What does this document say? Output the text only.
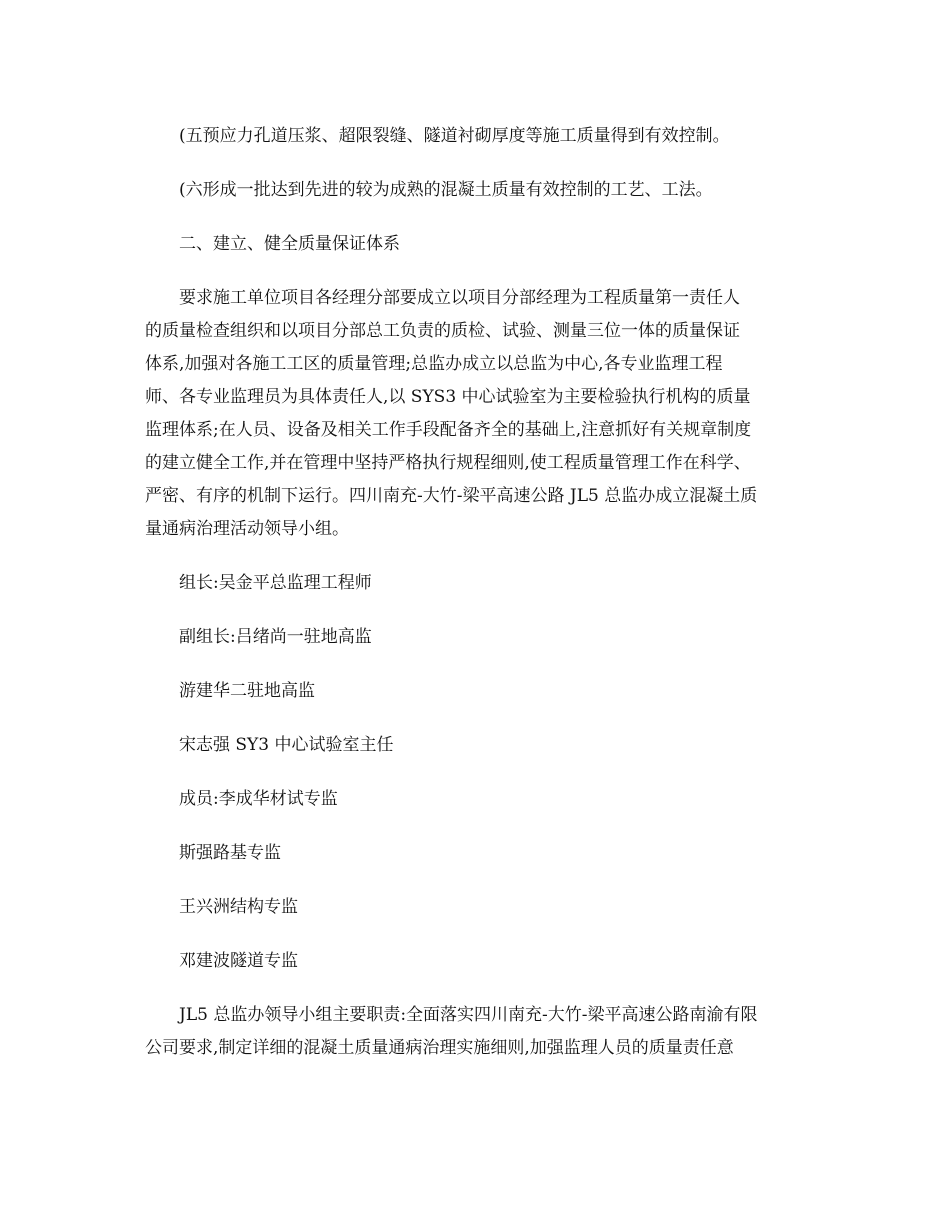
(五预应力孔道压浆、超限裂缝、隧道衬砌厚度等施工质量得到有效控制。

(六形成一批达到先进的较为成熟的混凝土质量有效控制的工艺、工法。

二、建立、健全质量保证体系

要求施工单位项目各经理分部要成立以项目分部经理为工程质量第一责任人
的质量检查组织和以项目分部总工负责的质检、试验、测量三位一体的质量保证
体系,加强对各施工工区的质量管理;总监办成立以总监为中心,各专业监理工程
师、各专业监理员为具体责任人,以 SYS3 中心试验室为主要检验执行机构的质量
监理体系;在人员、设备及相关工作手段配备齐全的基础上,注意抓好有关规章制度
的建立健全工作,并在管理中坚持严格执行规程细则,使工程质量管理工作在科学、
严密、有序的机制下运行。四川南充-大竹-梁平高速公路 JL5 总监办成立混凝土质
量通病治理活动领导小组。

组长:吴金平总监理工程师

副组长:吕绪尚一驻地高监

游建华二驻地高监

宋志强 SY3 中心试验室主任

成员:李成华材试专监

斯强路基专监

王兴洲结构专监

邓建波隧道专监

JL5 总监办领导小组主要职责:全面落实四川南充-大竹-梁平高速公路南渝有限
公司要求,制定详细的混凝土质量通病治理实施细则,加强监理人员的质量责任意
